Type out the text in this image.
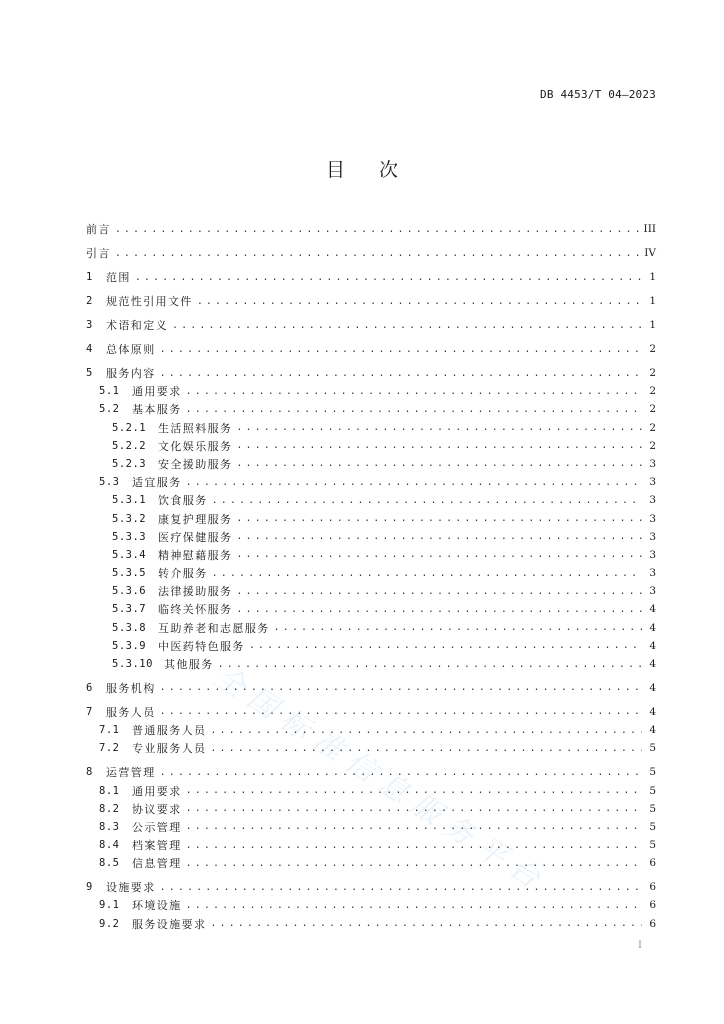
DB 4453/T 04—2023
目次
全国标准信息服务平台
前言 .....	III
引言 .....	IV
1	范围 .....	1
2	规范性引用文件 .....	1
3	术语和定义 .....	1
4	总体原则 .....	2
5	服务内容 .....	2
5.1	通用要求 .....	2
5.2	基本服务 .....	2
5.2.1	生活照料服务 .....	2
5.2.2	文化娱乐服务 .....	2
5.2.3	安全援助服务 .....	3
5.3	适宜服务 .....	3
5.3.1	饮食服务 .....	3
5.3.2	康复护理服务 .....	3
5.3.3	医疗保健服务 .....	3
5.3.4	精神慰藉服务 .....	3
5.3.5	转介服务 .....	3
5.3.6	法律援助服务 .....	3
5.3.7	临终关怀服务 .....	4
5.3.8	互助养老和志愿服务 .....	4
5.3.9	中医药特色服务 .....	4
5.3.10	其他服务 .....	4
6	服务机构 .....	4
7	服务人员 .....	4
7.1	普通服务人员 .....	4
7.2	专业服务人员 .....	5
8	运营管理 .....	5
8.1	通用要求 .....	5
8.2	协议要求 .....	5
8.3	公示管理 .....	5
8.4	档案管理 .....	5
8.5	信息管理 .....	6
9	设施要求 .....	6
9.1	环境设施 .....	6
9.2	服务设施要求 .....	6
I
